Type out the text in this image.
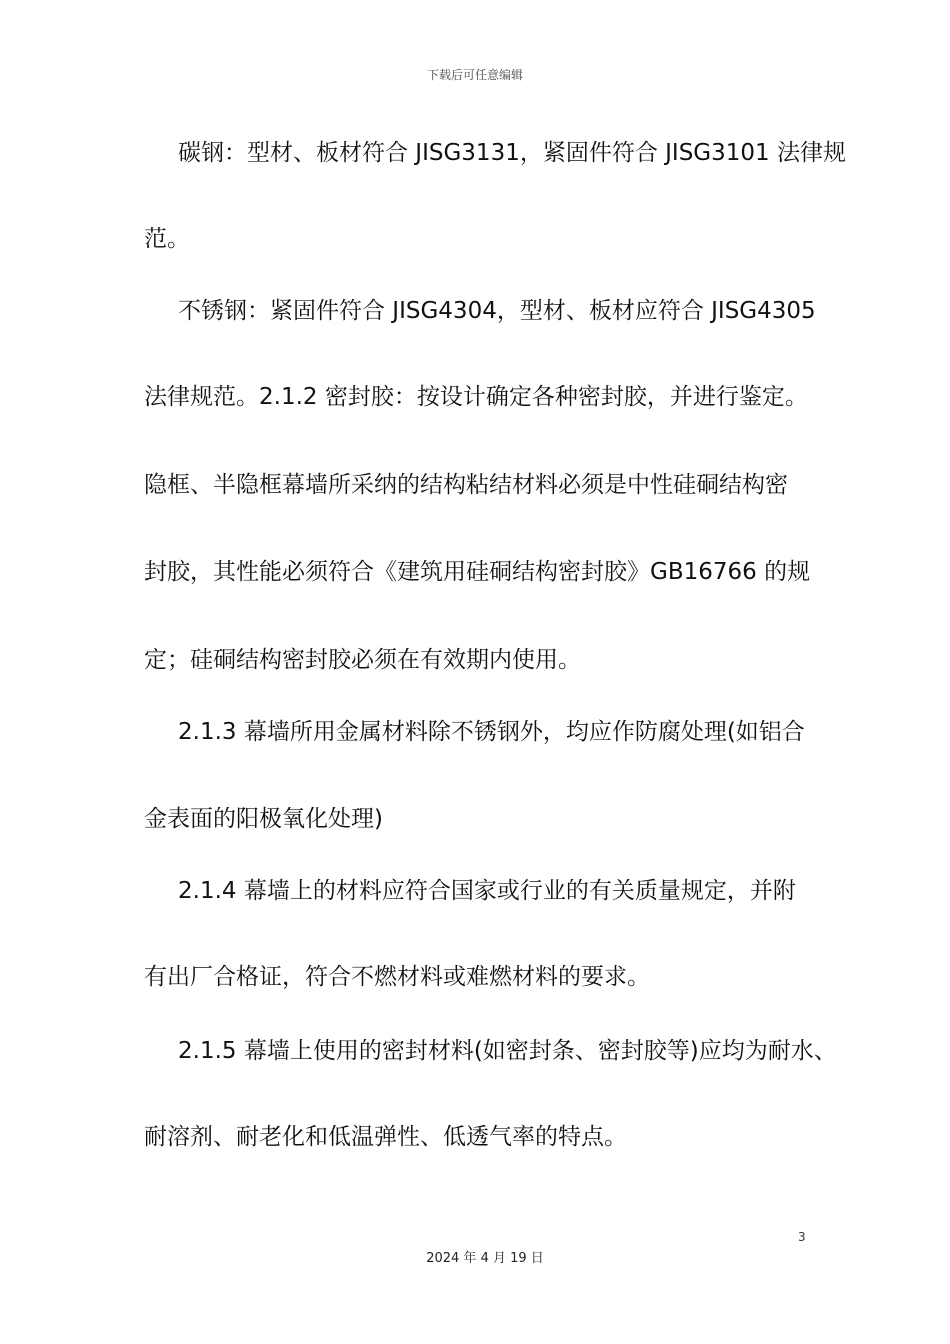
下载后可任意编辑
碳钢：型材、板材符合 JISG3131，紧固件符合 JISG3101 法律规
范。
不锈钢：紧固件符合 JISG4304，型材、板材应符合 JISG4305
法律规范。2.1.2 密封胶：按设计确定各种密封胶，并进行鉴定。
隐框、半隐框幕墙所采纳的结构粘结材料必须是中性硅硐结构密
封胶，其性能必须符合《建筑用硅硐结构密封胶》GB16766 的规
定；硅硐结构密封胶必须在有效期内使用。
2.1.3 幕墙所用金属材料除不锈钢外，均应作防腐处理(如铝合
金表面的阳极氧化处理)
2.1.4 幕墙上的材料应符合国家或行业的有关质量规定，并附
有出厂合格证，符合不燃材料或难燃材料的要求。
2.1.5 幕墙上使用的密封材料(如密封条、密封胶等)应均为耐水、
耐溶剂、耐老化和低温弹性、低透气率的特点。
3
2024 年 4 月 19 日
